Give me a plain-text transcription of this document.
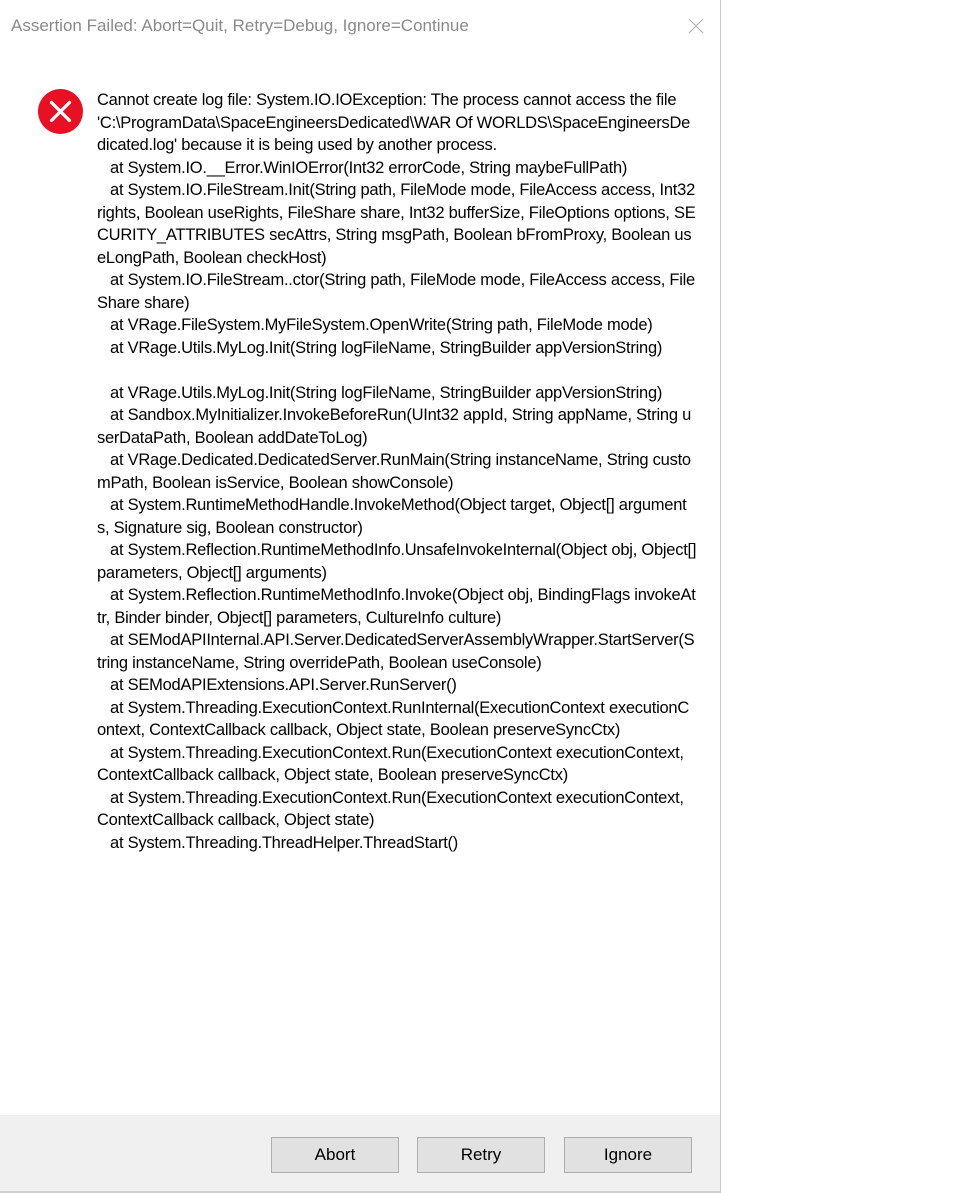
Assertion Failed: Abort=Quit, Retry=Debug, Ignore=Continue
Cannot create log file: System.IO.IOException: The process cannot access the file 'C:\ProgramData\SpaceEngineersDedicated\WAR Of WORLDS\SpaceEngineersDedicated.log' because it is being used by another process.
at System.IO.__Error.WinIOError(Int32 errorCode, String maybeFullPath)
at System.IO.FileStream.Init(String path, FileMode mode, FileAccess access, Int32 rights, Boolean useRights, FileShare share, Int32 bufferSize, FileOptions options, SECURITY_ATTRIBUTES secAttrs, String msgPath, Boolean bFromProxy, Boolean useLongPath, Boolean checkHost)
at System.IO.FileStream..ctor(String path, FileMode mode, FileAccess access, FileShare share)
at VRage.FileSystem.MyFileSystem.OpenWrite(String path, FileMode mode)
at VRage.Utils.MyLog.Init(String logFileName, StringBuilder appVersionString)

at VRage.Utils.MyLog.Init(String logFileName, StringBuilder appVersionString)
at Sandbox.MyInitializer.InvokeBeforeRun(UInt32 appId, String appName, String userDataPath, Boolean addDateToLog)
at VRage.Dedicated.DedicatedServer.RunMain(String instanceName, String customPath, Boolean isService, Boolean showConsole)
at System.RuntimeMethodHandle.InvokeMethod(Object target, Object[] arguments, Signature sig, Boolean constructor)
at System.Reflection.RuntimeMethodInfo.UnsafeInvokeInternal(Object obj, Object[] parameters, Object[] arguments)
at System.Reflection.RuntimeMethodInfo.Invoke(Object obj, BindingFlags invokeAttr, Binder binder, Object[] parameters, CultureInfo culture)
at SEModAPIInternal.API.Server.DedicatedServerAssemblyWrapper.StartServer(String instanceName, String overridePath, Boolean useConsole)
at SEModAPIExtensions.API.Server.RunServer()
at System.Threading.ExecutionContext.RunInternal(ExecutionContext executionContext, ContextCallback callback, Object state, Boolean preserveSyncCtx)
at System.Threading.ExecutionContext.Run(ExecutionContext executionContext, ContextCallback callback, Object state, Boolean preserveSyncCtx)
at System.Threading.ExecutionContext.Run(ExecutionContext executionContext, ContextCallback callback, Object state)
at System.Threading.ThreadHelper.ThreadStart()
Abort	Retry	Ignore
